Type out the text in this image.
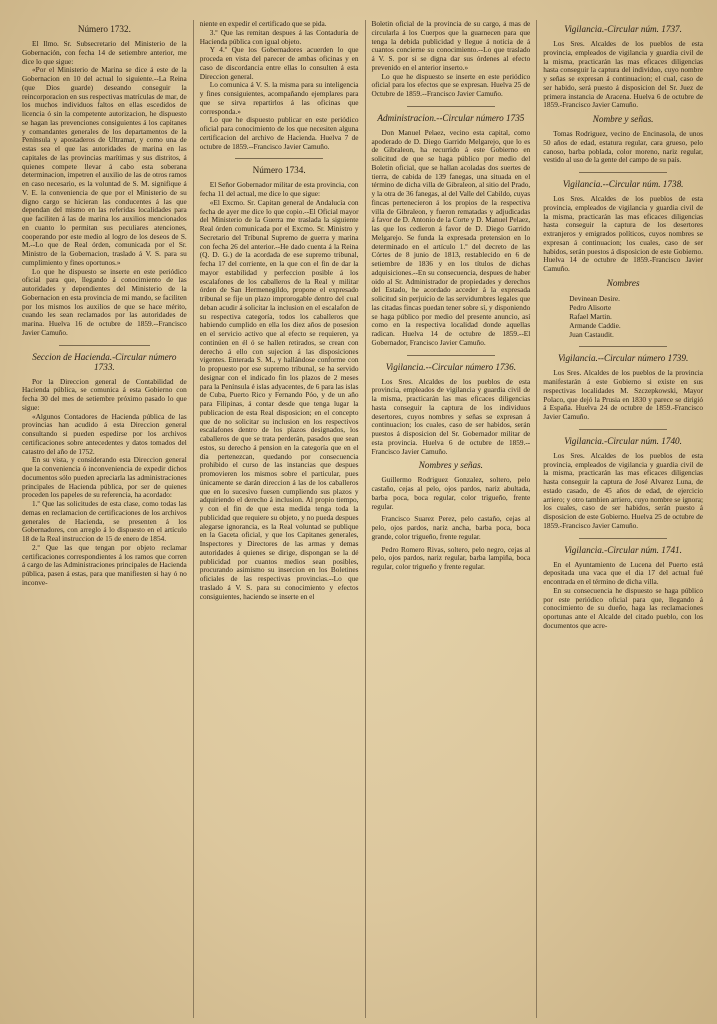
Número 1732.

El Ilmo. Sr. Subsecretario del Ministerio de la Gobernación, con fecha 14 de setiembre anterior, me dice lo que sigue:

«Por el Ministerio de Marina se dice á este de la Gobernacion en 10 del actual lo siguiente.--La Reina (que Dios guarde) deseando conseguir la reincorporacion en sus respectivas matrículas de mar, de los muchos individuos faltos en ellas escedidos de licencia ó sin la competente autorizacion, he dispuesto se hagan las prevenciones consiguientes á los capitanes y comandantes generales de los departamentos de la Península y apostaderos de Ultramar, y como una de estas sea el que las autoridades de marina en las capitales de las provincias marítimas y sus distritos, á quienes compete llevar á cabo esta soberana determinacion, impetren el auxilio de las de otros ramos en caso necesario, es la voluntad de S. M. signifique á V. E. la conveniencia de que por el Ministerio de su digno cargo se hicieran las conducentes á las que dependan del mismo en las referidas localidades para que faciliten á las de marina los auxilios mencionados en cuanto lo permitan sus peculiares atenciones, cooperando por este medio al logro de los deseos de S. M.--Lo que de Real órden, comunicada por el Sr. Ministro de la Gobernacion, traslado á V. S. para su cumplimiento y fines oportunos.»

Lo que he dispuesto se inserte en este periódico oficial para que, llegando á conocimiento de las autoridades y dependientes del Ministerio de la Gobernacion en esta provincia de mi mando, se faciliten por los mismos los auxilios de que se hace mérito, cuando les sean reclamados por las autoridades de marina. Huelva 16 de octubre de 1859.--Francisco Javier Camuño.

Seccion de Hacienda.-Circular número 1733.

Por la Direccion general de Contabilidad de Hacienda pública, se comunica á esta Gobierno con fecha 30 del mes de setiembre próximo pasado lo que sigue:

«Algunos Contadores de Hacienda pública de las provincias han acudido á esta Direccion general consultando si pueden espedirse por los archivos certificaciones sobre antecedentes y datos tomados del catastro del año de 1752.

En su vista, y considerando esta Direccion general que la conveniencia ó inconveniencia de expedir dichos documentos sólo pueden apreciarla las administraciones principales de Hacienda pública, por ser de quienes proceden los papeles de su referencia, ha acordado:

1.º Que las solicitudes de esta clase, como todas las demas en reclamacion de certificaciones de los archivos generales de Hacienda, se presenten á los Gobernadores, con arreglo á lo dispuesto en el artículo 18 de la Real instruccion de 15 de enero de 1854.

2.º Que las que tengan por objeto reclamar certificaciones correspondientes á los ramos que corren á cargo de las Administraciones principales de Hacienda pública, pasen á estas, para que manifiesten si hay ó no inconve-

niente en expedir el certificado que se pida.

3.º Que las remitan despues á las Contaduría de Hacienda pública con igual objeto.

Y 4.º Que los Gobernadores acuerden lo que proceda en vista del parecer de ambas oficinas y en caso de discordancia entre ellas lo consulten á esta Direccion general.

Lo comunica á V. S. la misma para su inteligencia y fines consiguientes, acompañando ejemplares para que se sirva repartirlos á las oficinas que corresponda.»

Lo que he dispuesto publicar en este periódico oficial para conocimiento de los que necesiten alguna certificacion del archivo de Hacienda. Huelva 7 de octubre de 1859.--Francisco Javier Camuño.

Número 1734.

El Señor Gobernador militar de esta provincia, con fecha 11 del actual, me dice lo que sigue:

«El Excmo. Sr. Capitan general de Andalucía con fecha de ayer me dice lo que copio.--El Oficial mayor del Ministerio de la Guerra me traslada la siguiente Real órden comunicada por el Excmo. Sr. Ministro y Secretario del Tribunal Supremo de guerra y marina con fecha 26 del anterior.--He dado cuenta á la Reina (Q. D. G.) de la acordada de ese supremo tribunal, fecha 17 del corriente, en la que con el fin de dar la mayor estabilidad y perfeccion posible á los escalafones de los caballeros de la Real y militar órden de San Hermenegildo, propone el expresado tribunal se fije un plazo improrogable dentro del cual deban acudir á solicitar la inclusion en el escalafon de su respectiva categoría, todos los caballeros que habiendo cumplido en ella los diez años de posesion en el servicio activo que al efecto se requieren, ya continúen en él ó se hallen retirados, se crean con derecho á ello con sujecion á las disposiciones vigentes. Enterada S. M., y hallándose conforme con lo propuesto por ese supremo tribunal, se ha servido designar con el indicado fin los plazos de 2 meses para la Península é islas adyacentes, de 6 para las islas de Cuba, Puerto Rico y Fernando Póo, y de un año para Filipinas, á contar desde que tenga lugar la publicacion de esta Real disposicion; en el concepto que de no solicitar su inclusion en los respectivos escalafones dentro de los plazos designados, los caballeros de que se trata perderán, pasados que sean estos, su derecho á pension en la categoría que en el dia pertenezcan, quedando por consecuencia prohibido el curso de las instancias que despues promovieren los mismos sobre el particular, pues únicamente se darán direccion á las de los caballeros que en lo sucesivo fuesen cumpliendo sus plazos y adquiriendo el derecho á inclusion. Al propio tiempo, y con el fin de que esta medida tenga toda la publicidad que requiere su objeto, y no pueda despues alegarse ignorancia, es la Real voluntad se publique en la Gaceta oficial, y que los Capitanes generales, Inspectores y Directores de las armas y demas autoridades á quienes se dirige, dispongan se la dé publicidad por cuantos medios sean posibles, procurando asimismo su insercion en los Boletines oficiales de las respectivas provincias.--Lo que traslado á V. S. para su conocimiento y efectos consiguientes, haciendo se inserte en el

Boletin oficial de la provincia de su cargo, á mas de circularla á los Cuerpos que la guarnecen para que tenga la debida publicidad y llegue á noticia de á cuantos concierne su conocimiento.--Lo que traslado á V. S. por si se digna dar sus órdenes al efecto prevenido en el anterior inserto.»

Lo que he dispuesto se inserte en este periódico oficial para los efectos que se expresan. Huelva 25 de Octubre de 1859.--Francisco Javier Camuño.

Administracion.--Circular número 1735

Don Manuel Pelaez, vecino esta capital, como apoderado de D. Diego Garrido Melgarejo, que lo es de Gibraleon, ha recurrido á este Gobierno en solicitud de que se haga público por medio del Boletin oficial, que se hallan acoladas dos suertes de tierra, de cabida de 139 fanegas, una situada en el término de dicha villa de Gibraleon, al sitio del Prado, y la otra de 36 fanegas, al del Valle del Cabildo, cuyas fincas pertenecieron á los propios de la respectiva villa de Gibraleon, y fueron rematadas y adjudicadas á favor de D. Antonio de la Corte y D. Manuel Pelaez, las que los cedieron á favor de D. Diego Garrido Melgarejo. Se funda la expresada pretension en lo determinado en el artículo 1.º del decreto de las Córtes de 8 junio de 1813, restablecido en 6 de setiembre de 1836 y en los títulos de dichas adquisiciones.--En su consecuencia, despues de haber oido al Sr. Administrador de propiedades y derechos del Estado, he acordado acceder á la expresada solicitud sin perjuicio de las servidumbres legales que las citadas fincas puedan tener sobre sí, y disponiendo se haga público por medio del presente anuncio, así como en la respectiva localidad donde aquellas radican. Huelva 14 de octubre de 1859.--El Gobernador, Francisco Javier Camuño.

Vigilancia.--Circular número 1736.

Los Sres. Alcaldes de los pueblos de esta provincia, empleados de vigilancia y guardia civil de la misma, practicarán las mas eficaces diligencias hasta conseguir la captura de los individuos desertores, cuyos nombres y señas se expresan á continuacion; los cuales, caso de ser habidos, serán puestos á disposicion del Sr. Gobernador militar de esta provincia. Huelva 6 de octubre de 1859.--Francisco Javier Camuño.

Nombres y señas.

Guillermo Rodriguez Gonzalez, soltero, pelo castaño, cejas al pelo, ojos pardos, nariz abultada, barba poca, boca regular, color trigueño, frente regular.

Francisco Suarez Perez, pelo castaño, cejas al pelo, ojos pardos, nariz ancha, barba poca, boca grande, color trigueño, frente regular.

Pedro Romero Rivas, soltero, pelo negro, cejas al pelo, ojos pardos, nariz regular, barba lampiña, boca regular, color trigueño y frente regular.

Vigilancia.-Circular núm. 1737.

Los Sres. Alcaldes de los pueblos de esta provincia, empleados de vigilancia y guardia civil de la misma, practicarán las mas eficaces diligencias hasta conseguir la captura del individuo, cuyo nombre y señas se expresan á continuacion; el cual, caso de ser habido, será puesto á disposicion del Sr. Juez de primera instancia de Aracena. Huelva 6 de octubre de 1859.-Francisco Javier Camuño.

Nombre y señas.

Tomas Rodriguez, vecino de Encinasola, de unos 50 años de edad, estatura regular, cara grueso, pelo canoso, barba poblada, color moreno, nariz regular, vestido al uso de la gente del campo de su país.

Vigilancia.--Circular núm. 1738.

Los Sres. Alcaldes de los pueblos de esta provincia, empleados de vigilancia y guardia civil de la misma, practicarán las mas eficaces diligencias hasta conseguir la captura de los desertores extranjeros y emigrados políticos, cuyos nombres se expresan á continuacion; los cuales, caso de ser habidos, serán puestos á disposicion de este Gobierno. Huelva 14 de octubre de 1859.-Francisco Javier Camuño.

Nombres
Devinean Desire.
Pedro Alisorte
Rafael Martin.
Armande Caddie.
Juan Castaudit.
Vigilancia.--Circular número 1739.

Los Sres. Alcaldes de los pueblos de la provincia manifestarán á este Gobierno si existe en sus respectivas localidades M. Szczepkowski, Mayor Polaco, que dejó la Prusia en 1830 y parece se dirigió á España. Huelva 24 de octubre de 1859.-Francisco Javier Camuño.

Vigilancia.-Circular núm. 1740.

Los Sres. Alcaldes de los pueblos de esta provincia, empleados de vigilancia y guardia civil de la misma, practicarán las mas eficaces diligencias hasta conseguir la captura de José Alvarez Luna, de estado casado, de 45 años de edad, de ejercicio arriero; y otro tambien arriero, cuyo nombre se ignora; los cuales, caso de ser habidos, serán puesto á disposicion de este Gobierno. Huelva 25 de octubre de 1859.-Francisco Javier Camuño.

Vigilancia.-Circular núm. 1741.

En el Ayuntamiento de Lucena del Puerto está depositada una vaca que el dia 17 del actual fué encontrada en el término de dicha villa.

En su consecuencia he dispuesto se haga público por este periódico oficial para que, llegando á conocimiento de su dueño, haga las reclamaciones oportunas ante el Alcalde del citado pueblo, con los documentos que acre-
